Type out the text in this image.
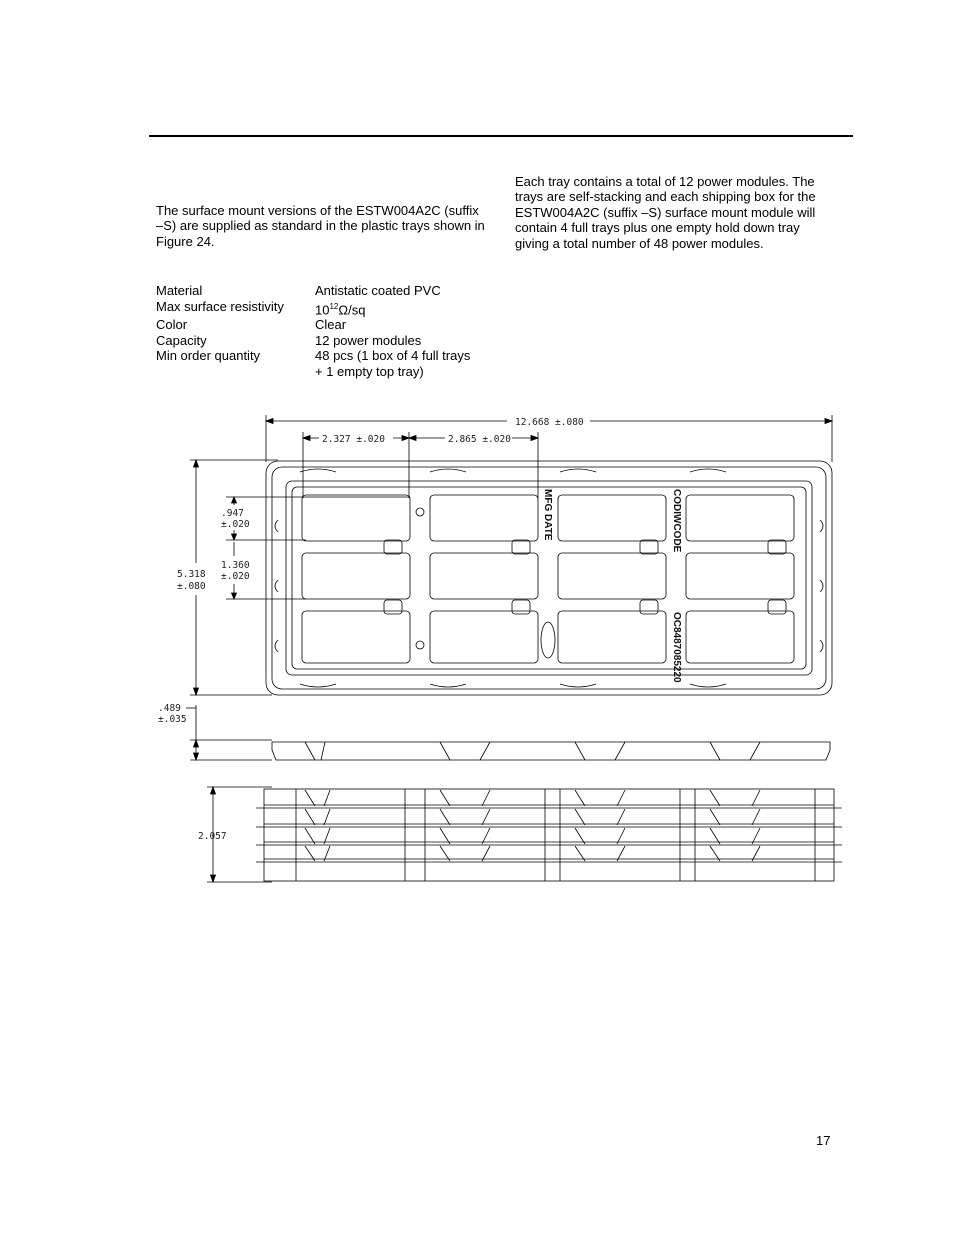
The surface mount versions of the ESTW004A2C (suffix –S) are supplied as standard in the plastic trays shown in Figure 24.

Each tray contains a total of 12 power modules. The trays are self-stacking and each shipping box for the ESTW004A2C (suffix –S) surface mount module will contain 4 full trays plus one empty hold down tray giving a total number of 48 power modules.

Material	Antistatic coated PVC
Max surface resistivity	$10^{12}\Omega/sq$
Color	Clear
Capacity	12 power modules
Min order quantity	48 pcs (1 box of 4 full trays
+ 1 empty top tray)
12.668 ±.080
2.327 ±.020	2.865 ±.020
.947
±.020
1.360
±.020
5.318
±.080
.489
±.035
2.057
MFG DATE	CODIWCODE
OC8487085220
17
